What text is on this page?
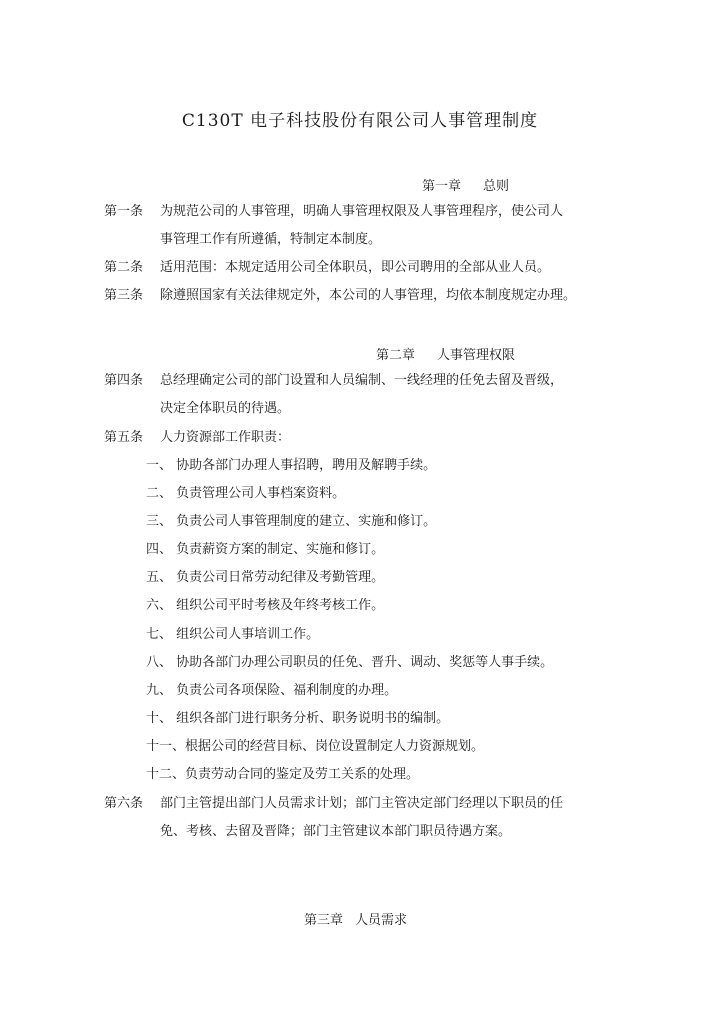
C130T 电子科技股份有限公司人事管理制度
第一章 总则
第一条 为规范公司的人事管理，明确人事管理权限及人事管理程序，使公司人
事管理工作有所遵循，特制定本制度。
第二条 适用范围：本规定适用公司全体职员，即公司聘用的全部从业人员。
第三条 除遵照国家有关法律规定外，本公司的人事管理，均依本制度规定办理。
第二章 人事管理权限
第四条 总经理确定公司的部门设置和人员编制、一线经理的任免去留及晋级，
决定全体职员的待遇。
第五条 人力资源部工作职责：
一、 协助各部门办理人事招聘，聘用及解聘手续。
二、 负责管理公司人事档案资料。
三、 负责公司人事管理制度的建立、实施和修订。
四、 负责薪资方案的制定、实施和修订。
五、 负责公司日常劳动纪律及考勤管理。
六、 组织公司平时考核及年终考核工作。
七、 组织公司人事培训工作。
八、 协助各部门办理公司职员的任免、晋升、调动、奖惩等人事手续。
九、 负责公司各项保险、福利制度的办理。
十、 组织各部门进行职务分析、职务说明书的编制。
十一、根据公司的经营目标、岗位设置制定人力资源规划。
十二、负责劳动合同的鉴定及劳工关系的处理。
第六条 部门主管提出部门人员需求计划；部门主管决定部门经理以下职员的任
免、考核、去留及晋降；部门主管建议本部门职员待遇方案。
第三章 人员需求
